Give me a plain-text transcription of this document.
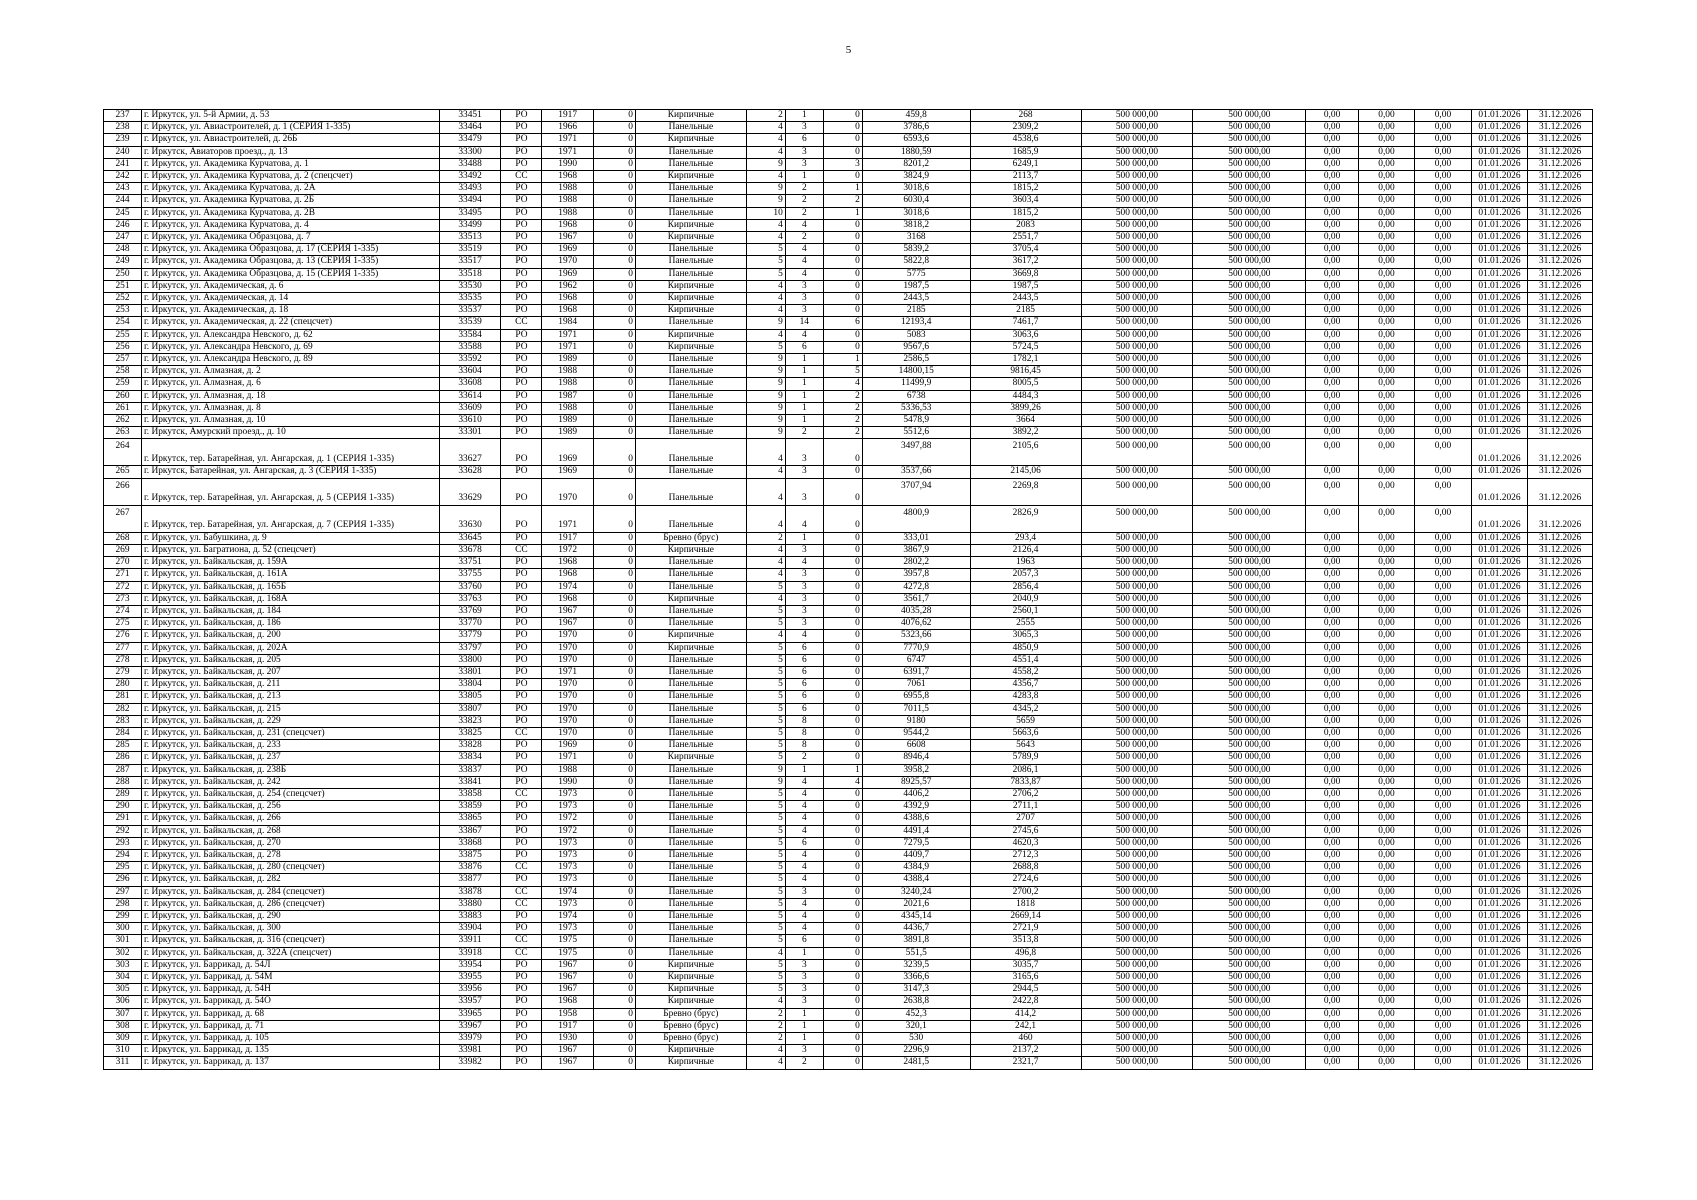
5
237	г. Иркутск, ул. 5-й Армии, д. 53	33451	РО	1917	0	Кирпичные	2	1	0	459,8	268	500 000,00	500 000,00	0,00	0,00	0,00	01.01.2026	31.12.2026
238	г. Иркутск, ул. Авиастроителей, д. 1 (СЕРИЯ 1-335)	33464	РО	1966	0	Панельные	4	3	0	3786,6	2309,2	500 000,00	500 000,00	0,00	0,00	0,00	01.01.2026	31.12.2026
239	г. Иркутск, ул. Авиастроителей, д. 26Б	33479	РО	1971	0	Кирпичные	4	6	0	6593,6	4538,6	500 000,00	500 000,00	0,00	0,00	0,00	01.01.2026	31.12.2026
240	г. Иркутск, Авиаторов проезд., д. 13	33300	РО	1971	0	Панельные	4	3	0	1880,59	1685,9	500 000,00	500 000,00	0,00	0,00	0,00	01.01.2026	31.12.2026
241	г. Иркутск, ул. Академика Курчатова, д. 1	33488	РО	1990	0	Панельные	9	3	3	8201,2	6249,1	500 000,00	500 000,00	0,00	0,00	0,00	01.01.2026	31.12.2026
242	г. Иркутск, ул. Академика Курчатова, д. 2 (спецсчет)	33492	СС	1968	0	Кирпичные	4	1	0	3824,9	2113,7	500 000,00	500 000,00	0,00	0,00	0,00	01.01.2026	31.12.2026
243	г. Иркутск, ул. Академика Курчатова, д. 2А	33493	РО	1988	0	Панельные	9	2	1	3018,6	1815,2	500 000,00	500 000,00	0,00	0,00	0,00	01.01.2026	31.12.2026
244	г. Иркутск, ул. Академика Курчатова, д. 2Б	33494	РО	1988	0	Панельные	9	2	2	6030,4	3603,4	500 000,00	500 000,00	0,00	0,00	0,00	01.01.2026	31.12.2026
245	г. Иркутск, ул. Академика Курчатова, д. 2В	33495	РО	1988	0	Панельные	10	2	1	3018,6	1815,2	500 000,00	500 000,00	0,00	0,00	0,00	01.01.2026	31.12.2026
246	г. Иркутск, ул. Академика Курчатова, д. 4	33499	РО	1968	0	Кирпичные	4	4	0	3818,2	2083	500 000,00	500 000,00	0,00	0,00	0,00	01.01.2026	31.12.2026
247	г. Иркутск, ул. Академика Образцова, д. 7	33513	РО	1967	0	Кирпичные	4	2	0	3168	2551,7	500 000,00	500 000,00	0,00	0,00	0,00	01.01.2026	31.12.2026
248	г. Иркутск, ул. Академика Образцова, д. 17 (СЕРИЯ 1-335)	33519	РО	1969	0	Панельные	5	4	0	5839,2	3705,4	500 000,00	500 000,00	0,00	0,00	0,00	01.01.2026	31.12.2026
249	г. Иркутск, ул. Академика Образцова, д. 13 (СЕРИЯ 1-335)	33517	РО	1970	0	Панельные	5	4	0	5822,8	3617,2	500 000,00	500 000,00	0,00	0,00	0,00	01.01.2026	31.12.2026
250	г. Иркутск, ул. Академика Образцова, д. 15 (СЕРИЯ 1-335)	33518	РО	1969	0	Панельные	5	4	0	5775	3669,8	500 000,00	500 000,00	0,00	0,00	0,00	01.01.2026	31.12.2026
251	г. Иркутск, ул. Академическая, д. 6	33530	РО	1962	0	Кирпичные	4	3	0	1987,5	1987,5	500 000,00	500 000,00	0,00	0,00	0,00	01.01.2026	31.12.2026
252	г. Иркутск, ул. Академическая, д. 14	33535	РО	1968	0	Кирпичные	4	3	0	2443,5	2443,5	500 000,00	500 000,00	0,00	0,00	0,00	01.01.2026	31.12.2026
253	г. Иркутск, ул. Академическая, д. 18	33537	РО	1968	0	Кирпичные	4	3	0	2185	2185	500 000,00	500 000,00	0,00	0,00	0,00	01.01.2026	31.12.2026
254	г. Иркутск, ул. Академическая, д. 22 (спецсчет)	33539	СС	1984	0	Панельные	9	14	6	12193,4	7461,7	500 000,00	500 000,00	0,00	0,00	0,00	01.01.2026	31.12.2026
255	г. Иркутск, ул. Александра Невского, д. 62	33584	РО	1971	0	Кирпичные	4	4	0	5083	3063,6	500 000,00	500 000,00	0,00	0,00	0,00	01.01.2026	31.12.2026
256	г. Иркутск, ул. Александра Невского, д. 69	33588	РО	1971	0	Кирпичные	5	6	0	9567,6	5724,5	500 000,00	500 000,00	0,00	0,00	0,00	01.01.2026	31.12.2026
257	г. Иркутск, ул. Александра Невского, д. 89	33592	РО	1989	0	Панельные	9	1	1	2586,5	1782,1	500 000,00	500 000,00	0,00	0,00	0,00	01.01.2026	31.12.2026
258	г. Иркутск, ул. Алмазная, д. 2	33604	РО	1988	0	Панельные	9	1	5	14800,15	9816,45	500 000,00	500 000,00	0,00	0,00	0,00	01.01.2026	31.12.2026
259	г. Иркутск, ул. Алмазная, д. 6	33608	РО	1988	0	Панельные	9	1	4	11499,9	8005,5	500 000,00	500 000,00	0,00	0,00	0,00	01.01.2026	31.12.2026
260	г. Иркутск, ул. Алмазная, д. 18	33614	РО	1987	0	Панельные	9	1	2	6738	4484,3	500 000,00	500 000,00	0,00	0,00	0,00	01.01.2026	31.12.2026
261	г. Иркутск, ул. Алмазная, д. 8	33609	РО	1988	0	Панельные	9	1	2	5336,53	3899,26	500 000,00	500 000,00	0,00	0,00	0,00	01.01.2026	31.12.2026
262	г. Иркутск, ул. Алмазная, д. 10	33610	РО	1989	0	Панельные	9	1	2	5478,9	3664	500 000,00	500 000,00	0,00	0,00	0,00	01.01.2026	31.12.2026
263	г. Иркутск, Амурский проезд., д. 10	33301	РО	1989	0	Панельные	9	2	2	5512,6	3892,2	500 000,00	500 000,00	0,00	0,00	0,00	01.01.2026	31.12.2026
264	г. Иркутск, тер. Батарейная, ул. Ангарская, д. 1 (СЕРИЯ 1-335)	33627	РО	1969	0	Панельные	4	3	0	3497,88	2105,6	500 000,00	500 000,00	0,00	0,00	0,00	01.01.2026	31.12.2026
265	г. Иркутск, Батарейная, ул. Ангарская, д. 3 (СЕРИЯ 1-335)	33628	РО	1969	0	Панельные	4	3	0	3537,66	2145,06	500 000,00	500 000,00	0,00	0,00	0,00	01.01.2026	31.12.2026
266	г. Иркутск, тер. Батарейная, ул. Ангарская, д. 5 (СЕРИЯ 1-335)	33629	РО	1970	0	Панельные	4	3	0	3707,94	2269,8	500 000,00	500 000,00	0,00	0,00	0,00	01.01.2026	31.12.2026
267	г. Иркутск, тер. Батарейная, ул. Ангарская, д. 7 (СЕРИЯ 1-335)	33630	РО	1971	0	Панельные	4	4	0	4800,9	2826,9	500 000,00	500 000,00	0,00	0,00	0,00	01.01.2026	31.12.2026
268	г. Иркутск, ул. Бабушкина, д. 9	33645	РО	1917	0	Бревно (брус)	2	1	0	333,01	293,4	500 000,00	500 000,00	0,00	0,00	0,00	01.01.2026	31.12.2026
269	г. Иркутск, ул. Багратиона, д. 52 (спецсчет)	33678	СС	1972	0	Кирпичные	4	3	0	3867,9	2126,4	500 000,00	500 000,00	0,00	0,00	0,00	01.01.2026	31.12.2026
270	г. Иркутск, ул. Байкальская, д. 159А	33751	РО	1968	0	Панельные	4	4	0	2802,2	1963	500 000,00	500 000,00	0,00	0,00	0,00	01.01.2026	31.12.2026
271	г. Иркутск, ул. Байкальская, д. 161А	33755	РО	1968	0	Панельные	4	3	0	3957,8	2057,3	500 000,00	500 000,00	0,00	0,00	0,00	01.01.2026	31.12.2026
272	г. Иркутск, ул. Байкальская, д. 165Б	33760	РО	1974	0	Панельные	5	3	0	4272,8	2856,4	500 000,00	500 000,00	0,00	0,00	0,00	01.01.2026	31.12.2026
273	г. Иркутск, ул. Байкальская, д. 168А	33763	РО	1968	0	Кирпичные	4	3	0	3561,7	2040,9	500 000,00	500 000,00	0,00	0,00	0,00	01.01.2026	31.12.2026
274	г. Иркутск, ул. Байкальская, д. 184	33769	РО	1967	0	Панельные	5	3	0	4035,28	2560,1	500 000,00	500 000,00	0,00	0,00	0,00	01.01.2026	31.12.2026
275	г. Иркутск, ул. Байкальская, д. 186	33770	РО	1967	0	Панельные	5	3	0	4076,62	2555	500 000,00	500 000,00	0,00	0,00	0,00	01.01.2026	31.12.2026
276	г. Иркутск, ул. Байкальская, д. 200	33779	РО	1970	0	Кирпичные	4	4	0	5323,66	3065,3	500 000,00	500 000,00	0,00	0,00	0,00	01.01.2026	31.12.2026
277	г. Иркутск, ул. Байкальская, д. 202А	33797	РО	1970	0	Кирпичные	5	6	0	7770,9	4850,9	500 000,00	500 000,00	0,00	0,00	0,00	01.01.2026	31.12.2026
278	г. Иркутск, ул. Байкальская, д. 205	33800	РО	1970	0	Панельные	5	6	0	6747	4551,4	500 000,00	500 000,00	0,00	0,00	0,00	01.01.2026	31.12.2026
279	г. Иркутск, ул. Байкальская, д. 207	33801	РО	1971	0	Панельные	5	6	0	6391,7	4558,2	500 000,00	500 000,00	0,00	0,00	0,00	01.01.2026	31.12.2026
280	г. Иркутск, ул. Байкальская, д. 211	33804	РО	1970	0	Панельные	5	6	0	7061	4356,7	500 000,00	500 000,00	0,00	0,00	0,00	01.01.2026	31.12.2026
281	г. Иркутск, ул. Байкальская, д. 213	33805	РО	1970	0	Панельные	5	6	0	6955,8	4283,8	500 000,00	500 000,00	0,00	0,00	0,00	01.01.2026	31.12.2026
282	г. Иркутск, ул. Байкальская, д. 215	33807	РО	1970	0	Панельные	5	6	0	7011,5	4345,2	500 000,00	500 000,00	0,00	0,00	0,00	01.01.2026	31.12.2026
283	г. Иркутск, ул. Байкальская, д. 229	33823	РО	1970	0	Панельные	5	8	0	9180	5659	500 000,00	500 000,00	0,00	0,00	0,00	01.01.2026	31.12.2026
284	г. Иркутск, ул. Байкальская, д. 231 (спецсчет)	33825	СС	1970	0	Панельные	5	8	0	9544,2	5663,6	500 000,00	500 000,00	0,00	0,00	0,00	01.01.2026	31.12.2026
285	г. Иркутск, ул. Байкальская, д. 233	33828	РО	1969	0	Панельные	5	8	0	6608	5643	500 000,00	500 000,00	0,00	0,00	0,00	01.01.2026	31.12.2026
286	г. Иркутск, ул. Байкальская, д. 237	33834	РО	1971	0	Кирпичные	5	2	0	8946,4	5789,9	500 000,00	500 000,00	0,00	0,00	0,00	01.01.2026	31.12.2026
287	г. Иркутск, ул. Байкальская, д. 238Б	33837	РО	1988	0	Панельные	9	1	1	3958,2	2086,1	500 000,00	500 000,00	0,00	0,00	0,00	01.01.2026	31.12.2026
288	г. Иркутск, ул. Байкальская, д. 242	33841	РО	1990	0	Панельные	9	4	4	8925,57	7833,87	500 000,00	500 000,00	0,00	0,00	0,00	01.01.2026	31.12.2026
289	г. Иркутск, ул. Байкальская, д. 254 (спецсчет)	33858	СС	1973	0	Панельные	5	4	0	4406,2	2706,2	500 000,00	500 000,00	0,00	0,00	0,00	01.01.2026	31.12.2026
290	г. Иркутск, ул. Байкальская, д. 256	33859	РО	1973	0	Панельные	5	4	0	4392,9	2711,1	500 000,00	500 000,00	0,00	0,00	0,00	01.01.2026	31.12.2026
291	г. Иркутск, ул. Байкальская, д. 266	33865	РО	1972	0	Панельные	5	4	0	4388,6	2707	500 000,00	500 000,00	0,00	0,00	0,00	01.01.2026	31.12.2026
292	г. Иркутск, ул. Байкальская, д. 268	33867	РО	1972	0	Панельные	5	4	0	4491,4	2745,6	500 000,00	500 000,00	0,00	0,00	0,00	01.01.2026	31.12.2026
293	г. Иркутск, ул. Байкальская, д. 270	33868	РО	1973	0	Панельные	5	6	0	7279,5	4620,3	500 000,00	500 000,00	0,00	0,00	0,00	01.01.2026	31.12.2026
294	г. Иркутск, ул. Байкальская, д. 278	33875	РО	1973	0	Панельные	5	4	0	4409,7	2712,3	500 000,00	500 000,00	0,00	0,00	0,00	01.01.2026	31.12.2026
295	г. Иркутск, ул. Байкальская, д. 280 (спецсчет)	33876	СС	1973	0	Панельные	5	4	0	4384,9	2688,8	500 000,00	500 000,00	0,00	0,00	0,00	01.01.2026	31.12.2026
296	г. Иркутск, ул. Байкальская, д. 282	33877	РО	1973	0	Панельные	5	4	0	4388,4	2724,6	500 000,00	500 000,00	0,00	0,00	0,00	01.01.2026	31.12.2026
297	г. Иркутск, ул. Байкальская, д. 284 (спецсчет)	33878	СС	1974	0	Панельные	5	3	0	3240,24	2700,2	500 000,00	500 000,00	0,00	0,00	0,00	01.01.2026	31.12.2026
298	г. Иркутск, ул. Байкальская, д. 286 (спецсчет)	33880	СС	1973	0	Панельные	5	4	0	2021,6	1818	500 000,00	500 000,00	0,00	0,00	0,00	01.01.2026	31.12.2026
299	г. Иркутск, ул. Байкальская, д. 290	33883	РО	1974	0	Панельные	5	4	0	4345,14	2669,14	500 000,00	500 000,00	0,00	0,00	0,00	01.01.2026	31.12.2026
300	г. Иркутск, ул. Байкальская, д. 300	33904	РО	1973	0	Панельные	5	4	0	4436,7	2721,9	500 000,00	500 000,00	0,00	0,00	0,00	01.01.2026	31.12.2026
301	г. Иркутск, ул. Байкальская, д. 316 (спецсчет)	33911	СС	1975	0	Панельные	5	6	0	3891,8	3513,8	500 000,00	500 000,00	0,00	0,00	0,00	01.01.2026	31.12.2026
302	г. Иркутск, ул. Байкальская, д. 322А (спецсчет)	33918	СС	1975	0	Панельные	4	1	0	551,5	496,8	500 000,00	500 000,00	0,00	0,00	0,00	01.01.2026	31.12.2026
303	г. Иркутск, ул. Баррикад, д. 54Л	33954	РО	1967	0	Кирпичные	5	3	0	3239,5	3035,7	500 000,00	500 000,00	0,00	0,00	0,00	01.01.2026	31.12.2026
304	г. Иркутск, ул. Баррикад, д. 54М	33955	РО	1967	0	Кирпичные	5	3	0	3366,6	3165,6	500 000,00	500 000,00	0,00	0,00	0,00	01.01.2026	31.12.2026
305	г. Иркутск, ул. Баррикад, д. 54Н	33956	РО	1967	0	Кирпичные	5	3	0	3147,3	2944,5	500 000,00	500 000,00	0,00	0,00	0,00	01.01.2026	31.12.2026
306	г. Иркутск, ул. Баррикад, д. 54О	33957	РО	1968	0	Кирпичные	4	3	0	2638,8	2422,8	500 000,00	500 000,00	0,00	0,00	0,00	01.01.2026	31.12.2026
307	г. Иркутск, ул. Баррикад, д. 68	33965	РО	1958	0	Бревно (брус)	2	1	0	452,3	414,2	500 000,00	500 000,00	0,00	0,00	0,00	01.01.2026	31.12.2026
308	г. Иркутск, ул. Баррикад, д. 71	33967	РО	1917	0	Бревно (брус)	2	1	0	320,1	242,1	500 000,00	500 000,00	0,00	0,00	0,00	01.01.2026	31.12.2026
309	г. Иркутск, ул. Баррикад, д. 105	33979	РО	1930	0	Бревно (брус)	2	1	0	530	460	500 000,00	500 000,00	0,00	0,00	0,00	01.01.2026	31.12.2026
310	г. Иркутск, ул. Баррикад, д. 135	33981	РО	1967	0	Кирпичные	4	3	0	2296,9	2137,2	500 000,00	500 000,00	0,00	0,00	0,00	01.01.2026	31.12.2026
311	г. Иркутск, ул. Баррикад, д. 137	33982	РО	1967	0	Кирпичные	4	2	0	2481,5	2321,7	500 000,00	500 000,00	0,00	0,00	0,00	01.01.2026	31.12.2026
